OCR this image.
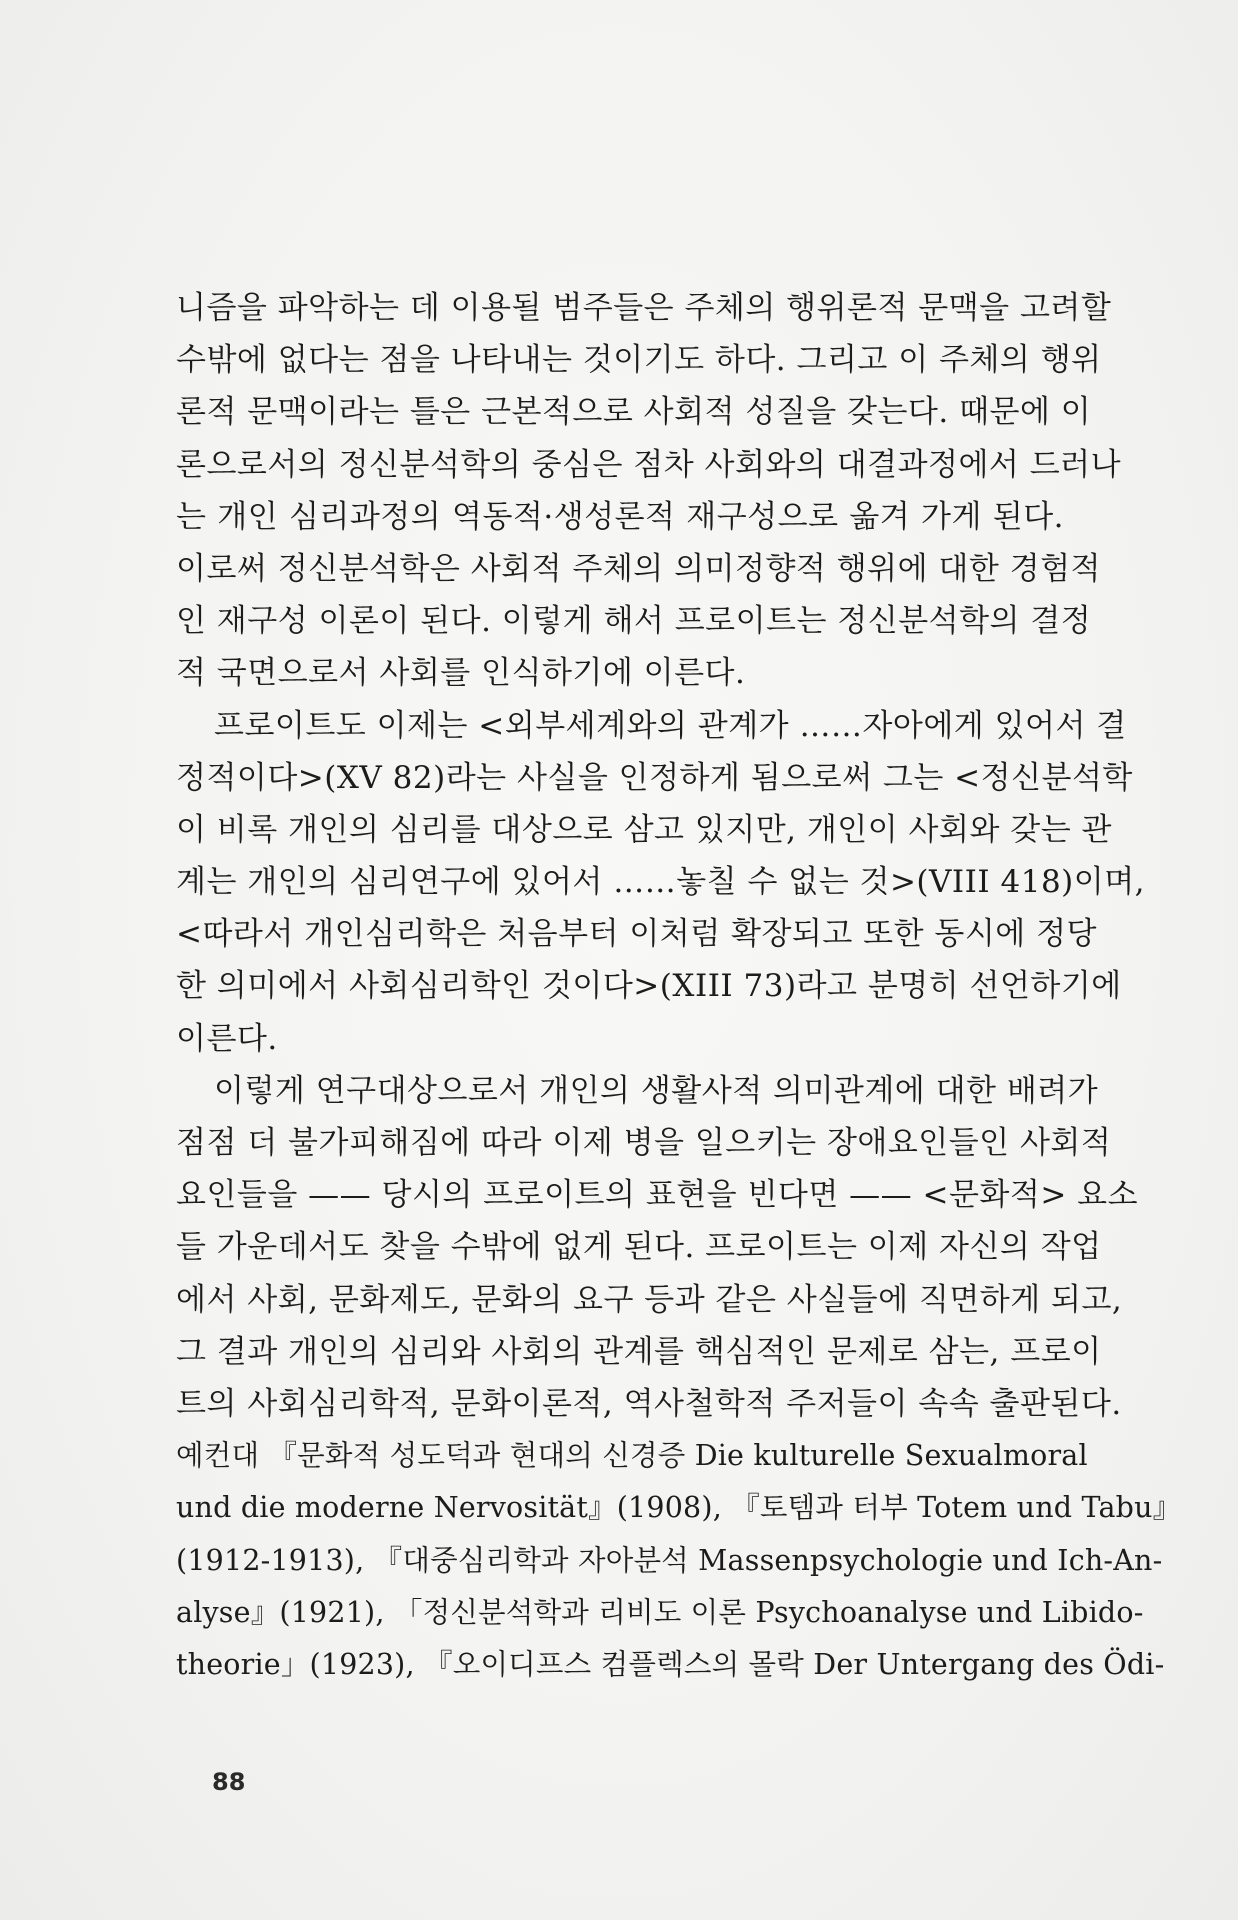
니즘을 파악하는 데 이용될 범주들은 주체의 행위론적 문맥을 고려할
수밖에 없다는 점을 나타내는 것이기도 하다. 그리고 이 주체의 행위
론적 문맥이라는 틀은 근본적으로 사회적 성질을 갖는다. 때문에 이
론으로서의 정신분석학의 중심은 점차 사회와의 대결과정에서 드러나
는 개인 심리과정의 역동적·생성론적 재구성으로 옮겨 가게 된다.
이로써 정신분석학은 사회적 주체의 의미정향적 행위에 대한 경험적
인 재구성 이론이 된다. 이렇게 해서 프로이트는 정신분석학의 결정
적 국면으로서 사회를 인식하기에 이른다.
프로이트도 이제는 <외부세계와의 관계가 ……자아에게 있어서 결
정적이다>(XV 82)라는 사실을 인정하게 됨으로써 그는 <정신분석학
이 비록 개인의 심리를 대상으로 삼고 있지만, 개인이 사회와 갖는 관
계는 개인의 심리연구에 있어서 ……놓칠 수 없는 것>(VIII 418)이며,
<따라서 개인심리학은 처음부터 이처럼 확장되고 또한 동시에 정당
한 의미에서 사회심리학인 것이다>(XIII 73)라고 분명히 선언하기에
이른다.
이렇게 연구대상으로서 개인의 생활사적 의미관계에 대한 배려가
점점 더 불가피해짐에 따라 이제 병을 일으키는 장애요인들인 사회적
요인들을 —— 당시의 프로이트의 표현을 빈다면 —— <문화적> 요소
들 가운데서도 찾을 수밖에 없게 된다. 프로이트는 이제 자신의 작업
에서 사회, 문화제도, 문화의 요구 등과 같은 사실들에 직면하게 되고,
그 결과 개인의 심리와 사회의 관계를 핵심적인 문제로 삼는, 프로이
트의 사회심리학적, 문화이론적, 역사철학적 주저들이 속속 출판된다.
예컨대 『문화적 성도덕과 현대의 신경증 Die kulturelle Sexualmoral
und die moderne Nervosität』(1908), 『토템과 터부 Totem und Tabu』
(1912-1913), 『대중심리학과 자아분석 Massenpsychologie und Ich-An-
alyse』(1921), 「정신분석학과 리비도 이론 Psychoanalyse und Libido-
theorie」(1923), 『오이디프스 컴플렉스의 몰락 Der Untergang des Ödi-
88
